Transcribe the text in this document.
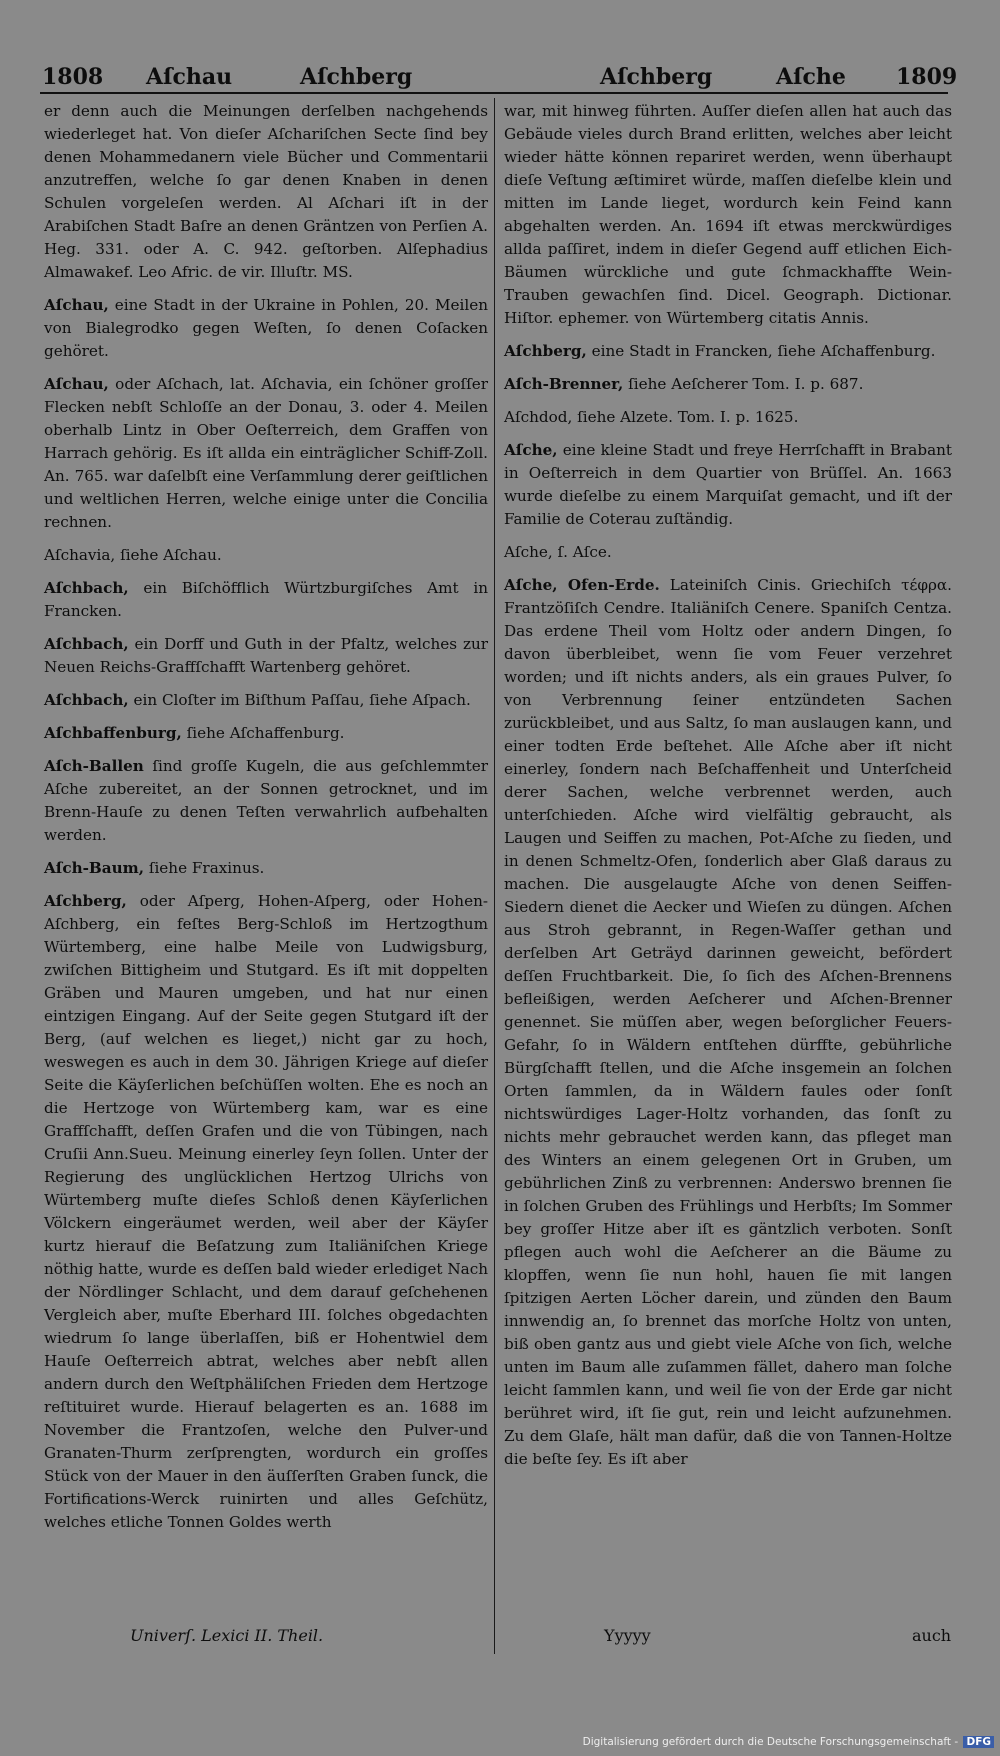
1808 Aſchau	Aſchberg	Aſchberg	Aſche 1809

er denn auch die Meinungen derſelben nachgehends wiederleget hat. Von dieſer Aſchariſchen Secte ſind bey denen Mohammedanern viele Bücher und Commentarii anzutreffen, welche ſo gar denen Knaben in denen Schulen vorgeleſen werden. Al Aſchari iſt in der Arabiſchen Stadt Baſre an denen Gräntzen von Perſien A. Heg. 331. oder A. C. 942. geſtorben. Alſephadius Almawakef. Leo Afric. de vir. Illuſtr. MS.

Aſchau, eine Stadt in der Ukraine in Pohlen, 20. Meilen von Bialegrodko gegen Weſten, ſo denen Coſacken gehöret.

Aſchau, oder Aſchach, lat. Aſchavia, ein ſchöner groſſer Flecken nebſt Schloſſe an der Donau, 3. oder 4. Meilen oberhalb Lintz in Ober Oeſterreich, dem Graffen von Harrach gehörig. Es iſt allda ein einträglicher Schiff-Zoll. An. 765. war daſelbſt eine Verſammlung derer geiſtlichen und weltlichen Herren, welche einige unter die Concilia rechnen.

Aſchavia, ſiehe Aſchau.

Aſchbach, ein Biſchöfflich Würtzburgiſches Amt in Francken.

Aſchbach, ein Dorff und Guth in der Pfaltz, welches zur Neuen Reichs-Graffſchafft Wartenberg gehöret.

Aſchbach, ein Cloſter im Biſthum Paſſau, ſiehe Aſpach.

Aſchbaffenburg, ſiehe Aſchaffenburg.

Aſch-Ballen ſind groſſe Kugeln, die aus geſchlemmter Aſche zubereitet, an der Sonnen getrocknet, und im Brenn-Hauſe zu denen Teſten verwahrlich aufbehalten werden.

Aſch-Baum, ſiehe Fraxinus.

Aſchberg, oder Aſperg, Hohen-Aſperg, oder Hohen-Aſchberg, ein feſtes Berg-Schloß im Hertzogthum Würtemberg, eine halbe Meile von Ludwigsburg, zwiſchen Bittigheim und Stutgard. Es iſt mit doppelten Gräben und Mauren umgeben, und hat nur einen eintzigen Eingang. Auf der Seite gegen Stutgard iſt der Berg, (auf welchen es lieget,) nicht gar zu hoch, weswegen es auch in dem 30. Jährigen Kriege auf dieſer Seite die Käyſerlichen beſchüſſen wolten. Ehe es noch an die Hertzoge von Würtemberg kam, war es eine Graffſchafft, deſſen Grafen und die von Tübingen, nach Cruſii Ann.Sueu. Meinung einerley ſeyn ſollen. Unter der Regierung des unglücklichen Hertzog Ulrichs von Würtemberg muſte dieſes Schloß denen Käyſerlichen Völckern eingeräumet werden, weil aber der Käyſer kurtz hierauf die Beſatzung zum Italiäniſchen Kriege nöthig hatte, wurde es deſſen bald wieder erlediget Nach der Nördlinger Schlacht, und dem darauf geſchehenen Vergleich aber, muſte Eberhard III. ſolches obgedachten wiedrum ſo lange überlaſſen, biß er Hohentwiel dem Hauſe Oeſterreich abtrat, welches aber nebſt allen andern durch den Weſtphäliſchen Frieden dem Hertzoge reſtituiret wurde. Hierauf belagerten es an. 1688 im November die Frantzoſen, welche den Pulver-und Granaten-Thurm zerſprengten, wordurch ein groſſes Stück von der Mauer in den äuſſerſten Graben ſunck, die Fortifications-Werck ruinirten und alles Geſchütz, welches etliche Tonnen Goldes werth

war, mit hinweg führten. Auſſer dieſen allen hat auch das Gebäude vieles durch Brand erlitten, welches aber leicht wieder hätte können repariret werden, wenn überhaupt dieſe Veſtung æſtimiret würde, maſſen dieſelbe klein und mitten im Lande lieget, wordurch kein Feind kann abgehalten werden. An. 1694 iſt etwas merckwürdiges allda paſſiret, indem in dieſer Gegend auff etlichen Eich-Bäumen würckliche und gute ſchmackhaffte Wein-Trauben gewachſen ſind. Dicel. Geograph. Dictionar. Hiſtor. ephemer. von Würtemberg citatis Annis.

Aſchberg, eine Stadt in Francken, ſiehe Aſchaffenburg.

Aſch-Brenner, ſiehe Aeſcherer Tom. I. p. 687.

Aſchdod, ſiehe Alzete. Tom. I. p. 1625.

Aſche, eine kleine Stadt und freye Herrſchafft in Brabant in Oeſterreich in dem Quartier von Brüſſel. An. 1663 wurde dieſelbe zu einem Marquiſat gemacht, und iſt der Familie de Coterau zuſtändig.

Aſche, ſ. Aſce.

Aſche, Ofen-Erde. Lateiniſch Cinis. Griechiſch τέφρα. Frantzöſiſch Cendre. Italiäniſch Cenere. Spaniſch Centza. Das erdene Theil vom Holtz oder andern Dingen, ſo davon überbleibet, wenn ſie vom Feuer verzehret worden; und iſt nichts anders, als ein graues Pulver, ſo von Verbrennung ſeiner entzündeten Sachen zurückbleibet, und aus Saltz, ſo man auslaugen kann, und einer todten Erde beſtehet. Alle Aſche aber iſt nicht einerley, ſondern nach Beſchaffenheit und Unterſcheid derer Sachen, welche verbrennet werden, auch unterſchieden. Aſche wird vielfältig gebraucht, als Laugen und Seiffen zu machen, Pot-Aſche zu ſieden, und in denen Schmeltz-Ofen, ſonderlich aber Glaß daraus zu machen. Die ausgelaugte Aſche von denen Seiffen-Siedern dienet die Aecker und Wieſen zu düngen. Aſchen aus Stroh gebrannt, in Regen-Waſſer gethan und derſelben Art Geträyd darinnen geweicht, befördert deſſen Fruchtbarkeit. Die, ſo ſich des Aſchen-Brennens befleißigen, werden Aeſcherer und Aſchen-Brenner genennet. Sie müſſen aber, wegen beſorglicher Feuers-Gefahr, ſo in Wäldern entſtehen dürffte, gebührliche Bürgſchafft ſtellen, und die Aſche insgemein an ſolchen Orten ſammlen, da in Wäldern faules oder ſonſt nichtswürdiges Lager-Holtz vorhanden, das ſonſt zu nichts mehr gebrauchet werden kann, das pfleget man des Winters an einem gelegenen Ort in Gruben, um gebührlichen Zinß zu verbrennen: Anderswo brennen ſie in ſolchen Gruben des Frühlings und Herbſts; Im Sommer bey groſſer Hitze aber iſt es gäntzlich verboten. Sonſt pflegen auch wohl die Aeſcherer an die Bäume zu klopffen, wenn ſie nun hohl, hauen ſie mit langen ſpitzigen Aerten Löcher darein, und zünden den Baum innwendig an, ſo brennet das morſche Holtz von unten, biß oben gantz aus und giebt viele Aſche von ſich, welche unten im Baum alle zuſammen fället, dahero man ſolche leicht ſammlen kann, und weil ſie von der Erde gar nicht berühret wird, iſt ſie gut, rein und leicht aufzunehmen. Zu dem Glaſe, hält man dafür, daß die von Tannen-Holtze die beſte ſey. Es iſt aber

Univerſ. Lexici II. Theil.	Yyyyy	auch
Digitalisierung gefördert durch die Deutsche Forschungsgemeinschaft - DFG
